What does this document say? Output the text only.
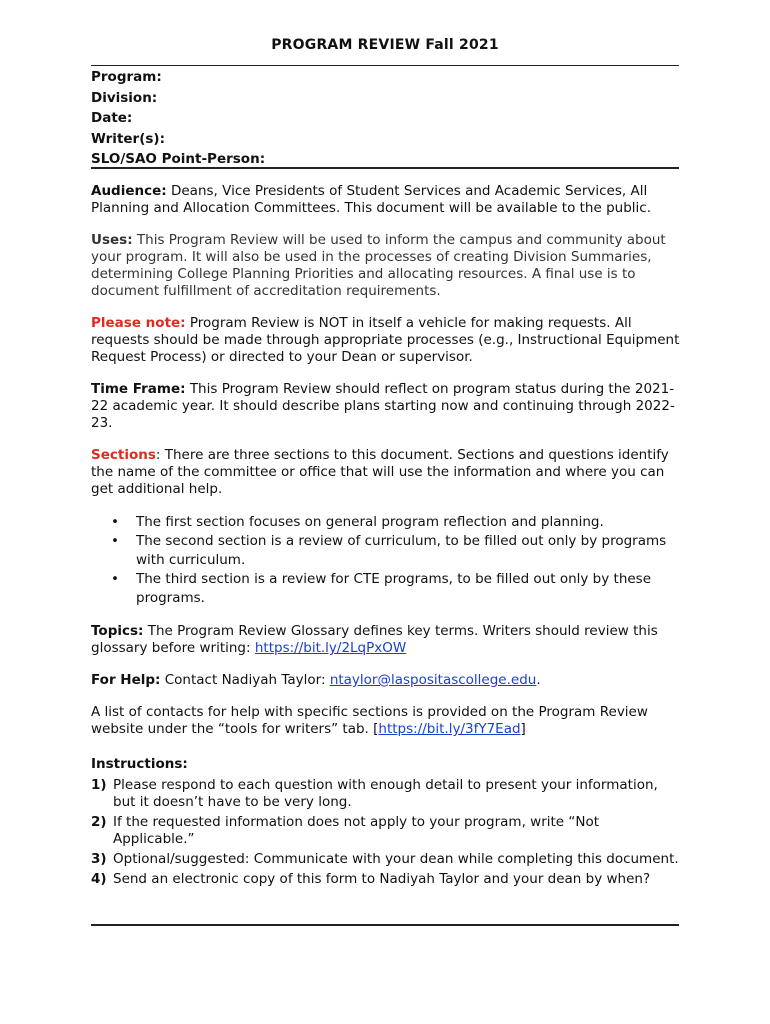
PROGRAM REVIEW Fall 2021
Program:
Division:
Date:
Writer(s):
SLO/SAO Point-Person:

Audience: Deans, Vice Presidents of Student Services and Academic Services, All Planning and Allocation Committees. This document will be available to the public.

Uses: This Program Review will be used to inform the campus and community about your program. It will also be used in the processes of creating Division Summaries, determining College Planning Priorities and allocating resources. A final use is to document fulfillment of accreditation requirements.

Please note: Program Review is NOT in itself a vehicle for making requests. All requests should be made through appropriate processes (e.g., Instructional Equipment Request Process) or directed to your Dean or supervisor.

Time Frame: This Program Review should reflect on program status during the 2021-22 academic year. It should describe plans starting now and continuing through 2022-23.

Sections: There are three sections to this document. Sections and questions identify the name of the committee or office that will use the information and where you can get additional help.

• The first section focuses on general program reflection and planning.
• The second section is a review of curriculum, to be filled out only by programs with curriculum.
• The third section is a review for CTE programs, to be filled out only by these programs.

Topics: The Program Review Glossary defines key terms. Writers should review this glossary before writing: https://bit.ly/2LqPxOW

For Help: Contact Nadiyah Taylor: ntaylor@laspositascollege.edu.

A list of contacts for help with specific sections is provided on the Program Review website under the “tools for writers” tab. [https://bit.ly/3fY7Ead]

Instructions:

1) Please respond to each question with enough detail to present your information, but it doesn’t have to be very long.
2) If the requested information does not apply to your program, write “Not Applicable.”
3) Optional/suggested: Communicate with your dean while completing this document.
4) Send an electronic copy of this form to Nadiyah Taylor and your dean by when?
